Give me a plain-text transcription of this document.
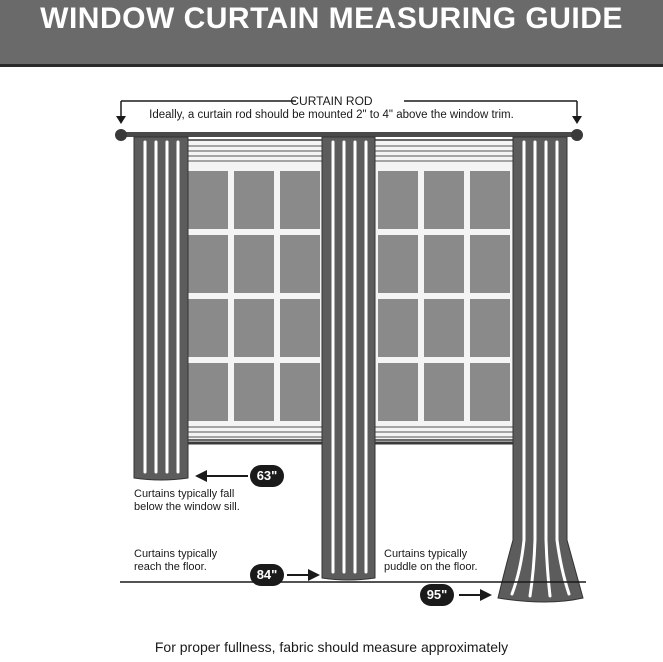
WINDOW CURTAIN MEASURING GUIDE
CURTAIN ROD
Ideally, a curtain rod should be mounted 2" to 4" above the window trim.
63"
Curtains typically fall
below the window sill.
Curtains typically
reach the floor.	84"
Curtains typically
puddle on the floor.
95"
For proper fullness, fabric should measure approximately
